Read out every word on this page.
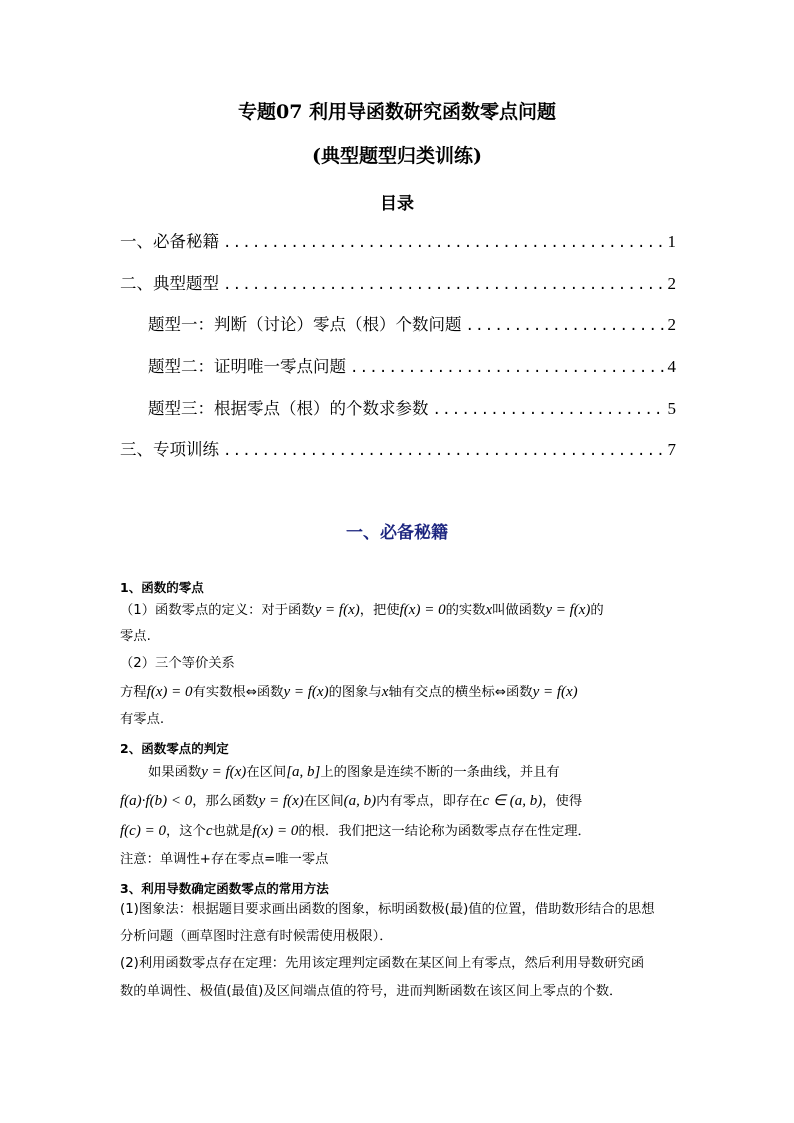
专题07 利用导函数研究函数零点问题
(典型题型归类训练)
目录
一、必备秘籍 .....	1
二、典型题型 .....	2
题型一：判断（讨论）零点（根）个数问题 .....	2
题型二：证明唯一零点问题 .....	4
题型三：根据零点（根）的个数求参数 .....	5
三、专项训练 .....	7
一、必备秘籍
1、函数的零点
（1）函数零点的定义：对于函数y = f(x)，把使f(x) = 0的实数x叫做函数y = f(x)的
零点.
（2）三个等价关系
方程f(x) = 0有实数根⇔函数y = f(x)的图象与x轴有交点的横坐标⇔函数y = f(x)
有零点.
2、函数零点的判定
如果函数y = f(x)在区间[a, b]上的图象是连续不断的一条曲线，并且有
f(a)·f(b) < 0，那么函数y = f(x)在区间(a, b)内有零点，即存在c ∈ (a, b)，使得
f(c) = 0，这个c也就是f(x) = 0的根．我们把这一结论称为函数零点存在性定理．
注意：单调性+存在零点=唯一零点
3、利用导数确定函数零点的常用方法
(1)图象法：根据题目要求画出函数的图象，标明函数极(最)值的位置，借助数形结合的思想
分析问题（画草图时注意有时候需使用极限）．
(2)利用函数零点存在定理：先用该定理判定函数在某区间上有零点，然后利用导数研究函
数的单调性、极值(最值)及区间端点值的符号，进而判断函数在该区间上零点的个数．
